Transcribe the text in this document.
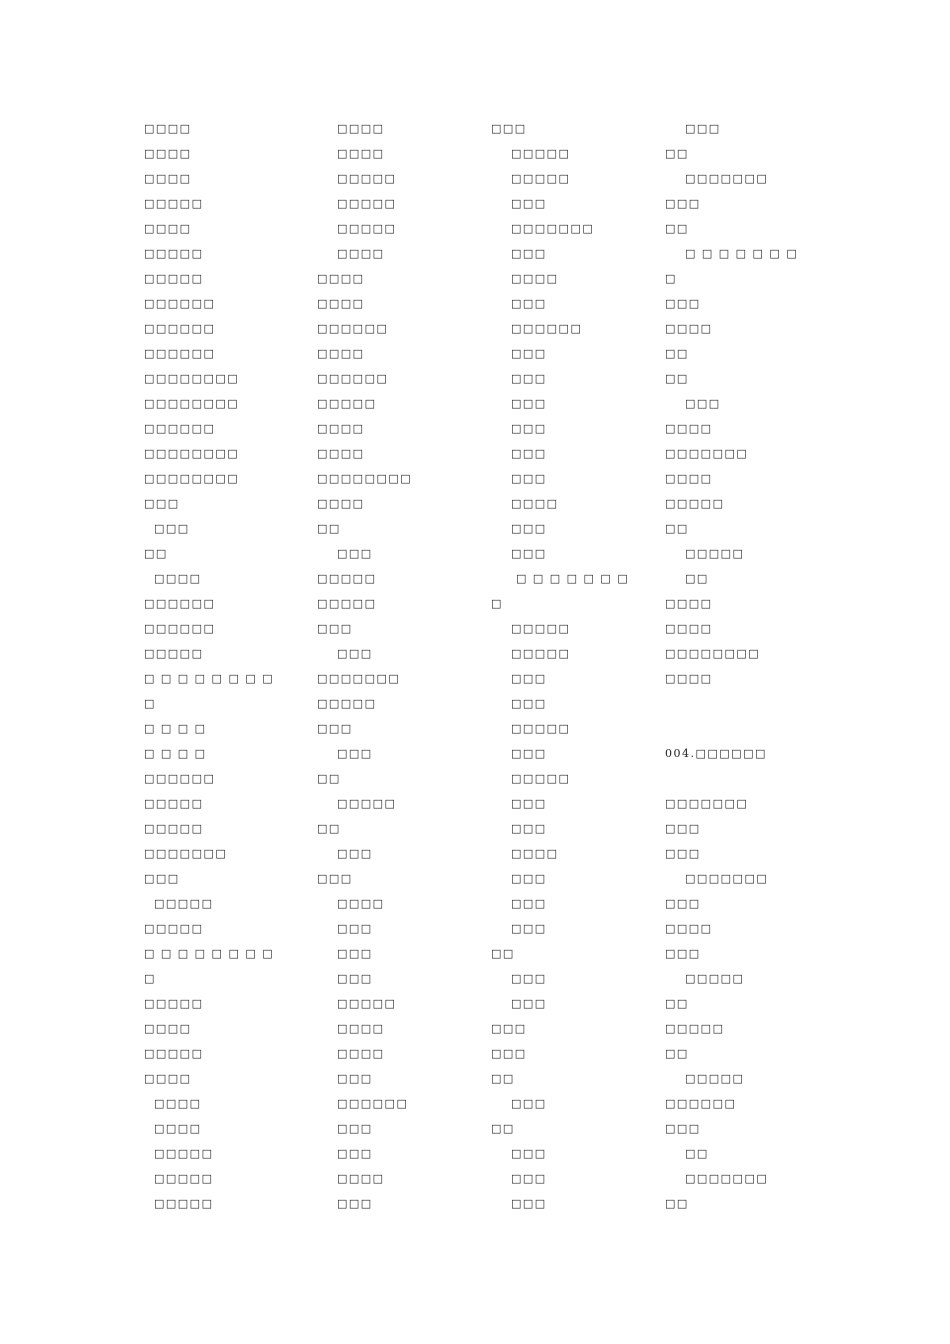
□□□□
□□□□
□□□□
□□□□□
□□□□
□□□□□
□□□□□
□□□□□□
□□□□□□
□□□□□□
□□□□□□□□
□□□□□□□□
□□□□□□
□□□□□□□□
□□□□□□□□
□□□
□□□
□□
□□□□
□□□□□□
□□□□□□
□□□□□
□ □ □ □ □ □ □ □
□
□ □ □ □
□ □ □ □
□□□□□□
□□□□□
□□□□□
□□□□□□□
□□□
□□□□□
□□□□□
□ □ □ □ □ □ □ □
□
□□□□□
□□□□
□□□□□
□□□□
□□□□
□□□□
□□□□□
□□□□□
□□□□□
□□□□
□□□□
□□□□□
□□□□□
□□□□□
□□□□
□□□□
□□□□
□□□□□□
□□□□
□□□□□□
□□□□□
□□□□
□□□□
□□□□□□□□
□□□□
□□
□□□
□□□□□
□□□□□
□□□
□□□
□□□□□□□
□□□□□
□□□
□□□
□□
□□□□□
□□
□□□
□□□
□□□□
□□□
□□□
□□□
□□□□□
□□□□
□□□□
□□□
□□□□□□
□□□
□□□
□□□□
□□□
□□□
□□□□□
□□□□□
□□□
□□□□□□□
□□□
□□□□
□□□
□□□□□□
□□□
□□□
□□□
□□□
□□□
□□□
□□□□
□□□
□□□
□ □ □ □ □ □ □
□
□□□□□
□□□□□
□□□
□□□
□□□□□
□□□
□□□□□
□□□
□□□
□□□□
□□□
□□□
□□□
□□
□□□
□□□
□□□
□□□
□□
□□□
□□
□□□
□□□
□□□
□□□
□□
□□□□□□□
□□□
□□
□ □ □ □ □ □ □
□
□□□
□□□□
□□
□□
□□□
□□□□
□□□□□□□
□□□□
□□□□□
□□
□□□□□
□□
□□□□
□□□□
□□□□□□□□
□□□□
004.□□□□□□
□□□□□□□
□□□
□□□
□□□□□□□
□□□
□□□□
□□□
□□□□□
□□
□□□□□
□□
□□□□□
□□□□□□
□□□
□□
□□□□□□□
□□
